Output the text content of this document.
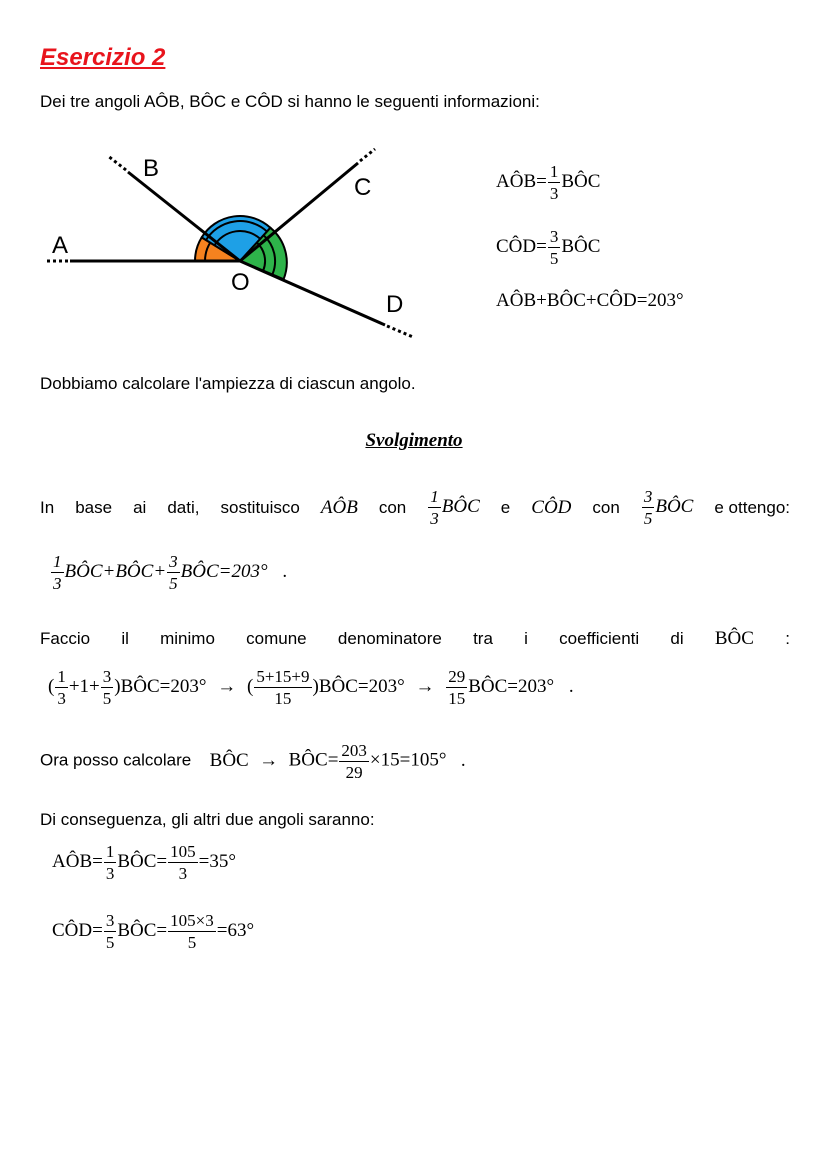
Esercizio 2
Dei tre angoli AÔB, BÔC e CÔD si hanno le seguenti informazioni:
A
B
C
D
O
AÔB= $\frac{1}{3}$ BÔC
CÔD= $\frac{3}{5}$ BÔC
AÔB+BÔC+CÔD=203°
Dobbiamo calcolare l'ampiezza di ciascun angolo.
Svolgimento
In base ai dati, sostituisco AÔB con $\frac{1}{3}$ BÔC e CÔD con $\frac{3}{5}$ BÔC e ottengo:
$\frac{1}{3}$ BÔC+BÔC+ $\frac{3}{5}$ BÔC=203° .
Faccio il minimo comune denominatore tra i coefficienti di BÔC :
( $\frac{1}{3} +1+ \frac{3}{5}$ )BÔC=203° → ( $\frac{5+15+9}{15}$ )BÔC=203° → $\frac{29}{15}$ BÔC=203° .
Ora posso calcolare BÔC → BÔC= $\frac{203}{29} \times 15=105^\circ$ .
Di conseguenza, gli altri due angoli saranno:
AÔB= $\frac{1}{3}$ BÔC= $\frac{105}{3} =35^\circ$
CÔD= $\frac{3}{5}$ BÔC= $\frac{105\times 3}{5} =63^\circ$
